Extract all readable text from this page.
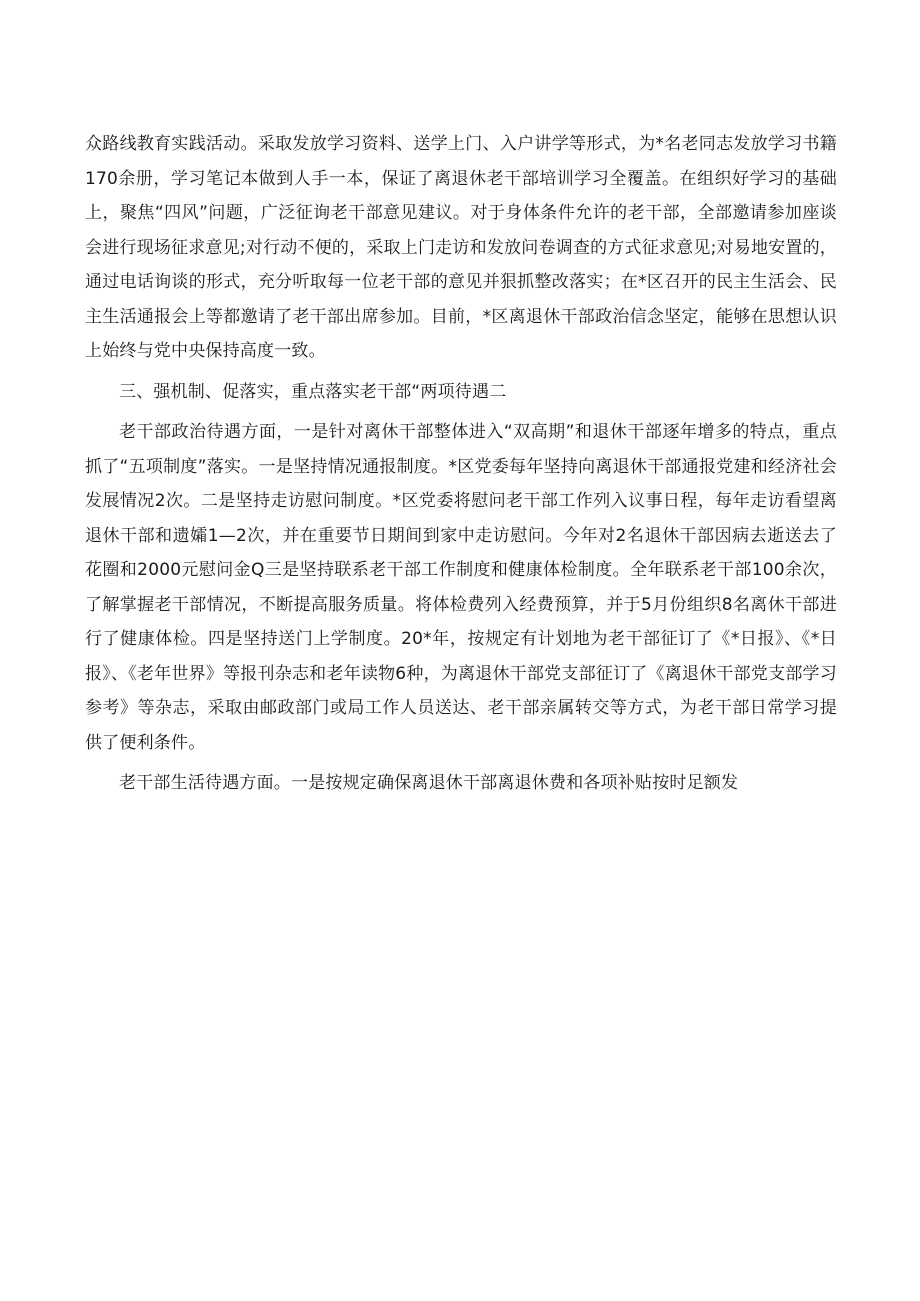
众路线教育实践活动。采取发放学习资料、送学上门、入户讲学等形式，为*名老同志发放学习书籍170余册，学习笔记本做到人手一本，保证了离退休老干部培训学习全覆盖。在组织好学习的基础上，聚焦“四风”问题，广泛征询老干部意见建议。对于身体条件允许的老干部，全部邀请参加座谈会进行现场征求意见;对行动不便的，采取上门走访和发放问卷调查的方式征求意见;对易地安置的，通过电话询谈的形式，充分听取每一位老干部的意见并狠抓整改落实；在*区召开的民主生活会、民主生活通报会上等都邀请了老干部出席参加。目前，*区离退休干部政治信念坚定，能够在思想认识上始终与党中央保持高度一致。

三、强机制、促落实，重点落实老干部“两项待遇二

老干部政治待遇方面，一是针对离休干部整体进入“双高期”和退休干部逐年增多的特点，重点抓了“五项制度”落实。一是坚持情况通报制度。*区党委每年坚持向离退休干部通报党建和经济社会发展情况2次。二是坚持走访慰问制度。*区党委将慰问老干部工作列入议事日程，每年走访看望离退休干部和遗孀1—2次，并在重要节日期间到家中走访慰问。今年对2名退休干部因病去逝送去了花圈和2000元慰问金Q三是坚持联系老干部工作制度和健康体检制度。全年联系老干部100余次，了解掌握老干部情况，不断提高服务质量。将体检费列入经费预算，并于5月份组织8名离休干部进行了健康体检。四是坚持送门上学制度。20*年，按规定有计划地为老干部征订了《*日报》、《*日报》、《老年世界》等报刊杂志和老年读物6种，为离退休干部党支部征订了《离退休干部党支部学习参考》等杂志，采取由邮政部门或局工作人员送达、老干部亲属转交等方式，为老干部日常学习提供了便利条件。

老干部生活待遇方面。一是按规定确保离退休干部离退休费和各项补贴按时足额发
